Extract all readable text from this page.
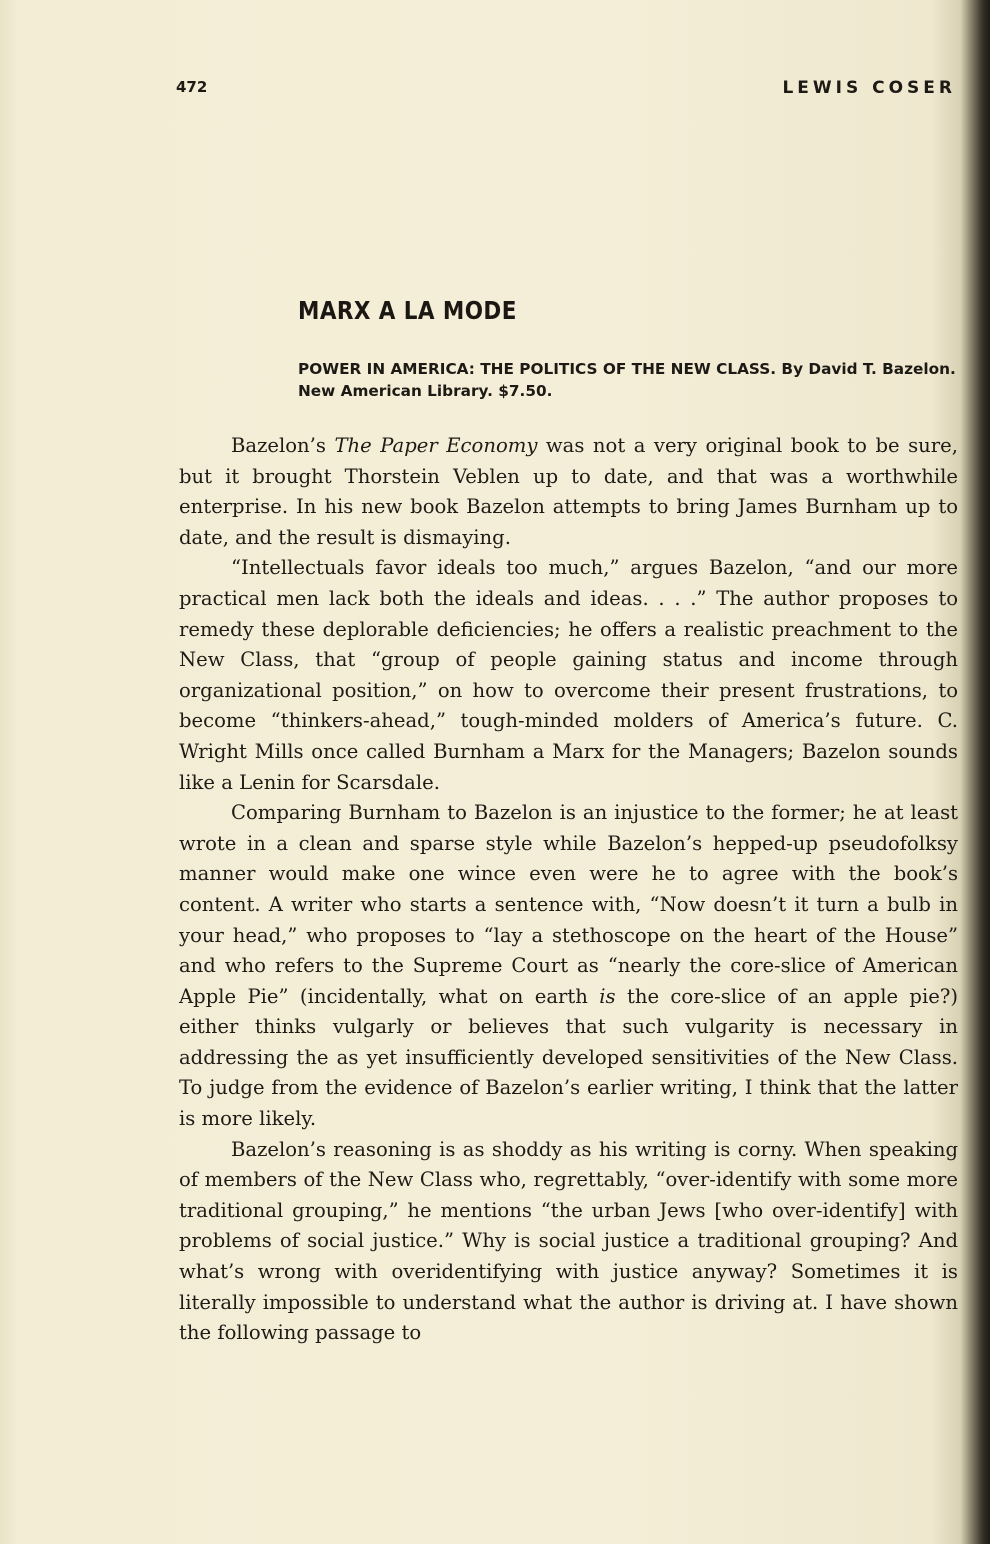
472	LEWIS COSER
MARX A LA MODE

POWER IN AMERICA: THE POLITICS OF THE NEW CLASS. By David T. Bazelon. New American Library. $7.50.

Bazelon’s The Paper Economy was not a very original book to be sure, but it brought Thorstein Veblen up to date, and that was a worthwhile enterprise. In his new book Bazelon attempts to bring James Burnham up to date, and the result is dismaying.

“Intellectuals favor ideals too much,” argues Bazelon, “and our more practical men lack both the ideals and ideas. . . .” The author proposes to remedy these deplorable deficiencies; he offers a realistic preachment to the New Class, that “group of people gaining status and income through organizational position,” on how to overcome their present frustrations, to become “thinkers-ahead,” tough-minded molders of America’s future. C. Wright Mills once called Burnham a Marx for the Managers; Bazelon sounds like a Lenin for Scarsdale.

Comparing Burnham to Bazelon is an injustice to the former; he at least wrote in a clean and sparse style while Bazelon’s hepped-up pseudofolksy manner would make one wince even were he to agree with the book’s content. A writer who starts a sentence with, “Now doesn’t it turn a bulb in your head,” who proposes to “lay a stethoscope on the heart of the House” and who refers to the Supreme Court as “nearly the core-slice of American Apple Pie” (incidentally, what on earth is the core-slice of an apple pie?) either thinks vulgarly or believes that such vulgarity is necessary in addressing the as yet insufficiently developed sensitivities of the New Class. To judge from the evidence of Bazelon’s earlier writing, I think that the latter is more likely.

Bazelon’s reasoning is as shoddy as his writing is corny. When speaking of members of the New Class who, regrettably, “over-identify with some more traditional grouping,” he mentions “the urban Jews [who over-identify] with problems of social justice.” Why is social justice a traditional grouping? And what’s wrong with overidentifying with justice anyway? Sometimes it is literally impossible to understand what the author is driving at. I have shown the following passage to
